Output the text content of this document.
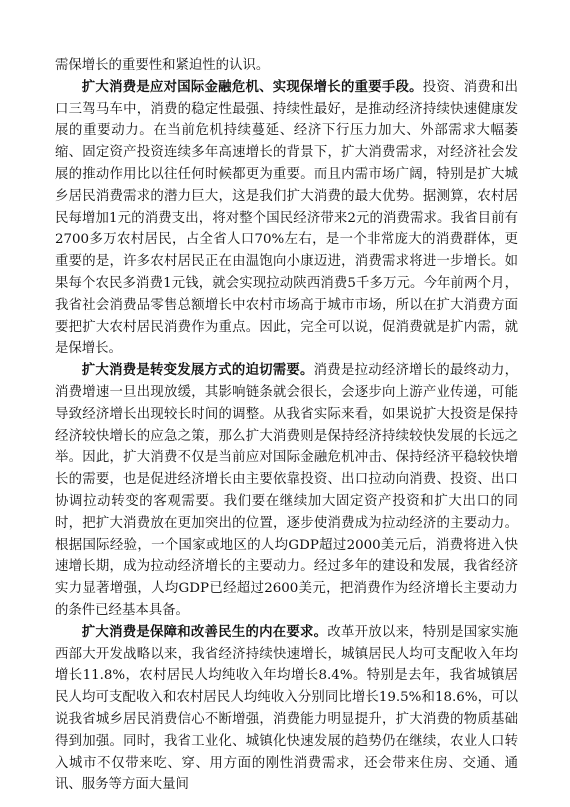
需保增长的重要性和紧迫性的认识。

扩大消费是应对国际金融危机、实现保增长的重要手段。投资、消费和出口三驾马车中，消费的稳定性最强、持续性最好，是推动经济持续快速健康发展的重要动力。在当前危机持续蔓延、经济下行压力加大、外部需求大幅萎缩、固定资产投资连续多年高速增长的背景下，扩大消费需求，对经济社会发展的推动作用比以往任何时候都更为重要。而且内需市场广阔，特别是扩大城乡居民消费需求的潜力巨大，这是我们扩大消费的最大优势。据测算，农村居民每增加1元的消费支出，将对整个国民经济带来2元的消费需求。我省目前有2700多万农村居民，占全省人口70%左右，是一个非常庞大的消费群体，更重要的是，许多农村居民正在由温饱向小康迈进，消费需求将进一步增长。如果每个农民多消费1元钱，就会实现拉动陕西消费5千多万元。今年前两个月，我省社会消费品零售总额增长中农村市场高于城市市场，所以在扩大消费方面要把扩大农村居民消费作为重点。因此，完全可以说，促消费就是扩内需，就是保增长。

扩大消费是转变发展方式的迫切需要。消费是拉动经济增长的最终动力，消费增速一旦出现放缓，其影响链条就会很长，会逐步向上游产业传递，可能导致经济增长出现较长时间的调整。从我省实际来看，如果说扩大投资是保持经济较快增长的应急之策，那么扩大消费则是保持经济持续较快发展的长远之举。因此，扩大消费不仅是当前应对国际金融危机冲击、保持经济平稳较快增长的需要，也是促进经济增长由主要依靠投资、出口拉动向消费、投资、出口协调拉动转变的客观需要。我们要在继续加大固定资产投资和扩大出口的同时，把扩大消费放在更加突出的位置，逐步使消费成为拉动经济的主要动力。根据国际经验，一个国家或地区的人均GDP超过2000美元后，消费将进入快速增长期，成为拉动经济增长的主要动力。经过多年的建设和发展，我省经济实力显著增强，人均GDP已经超过2600美元，把消费作为经济增长主要动力的条件已经基本具备。

扩大消费是保障和改善民生的内在要求。改革开放以来，特别是国家实施西部大开发战略以来，我省经济持续快速增长，城镇居民人均可支配收入年均增长11.8%，农村居民人均纯收入年均增长8.4%。特别是去年，我省城镇居民人均可支配收入和农村居民人均纯收入分别同比增长19.5%和18.6%，可以说我省城乡居民消费信心不断增强，消费能力明显提升，扩大消费的物质基础得到加强。同时，我省工业化、城镇化快速发展的趋势仍在继续，农业人口转入城市不仅带来吃、穿、用方面的刚性消费需求，还会带来住房、交通、通讯、服务等方面大量间
